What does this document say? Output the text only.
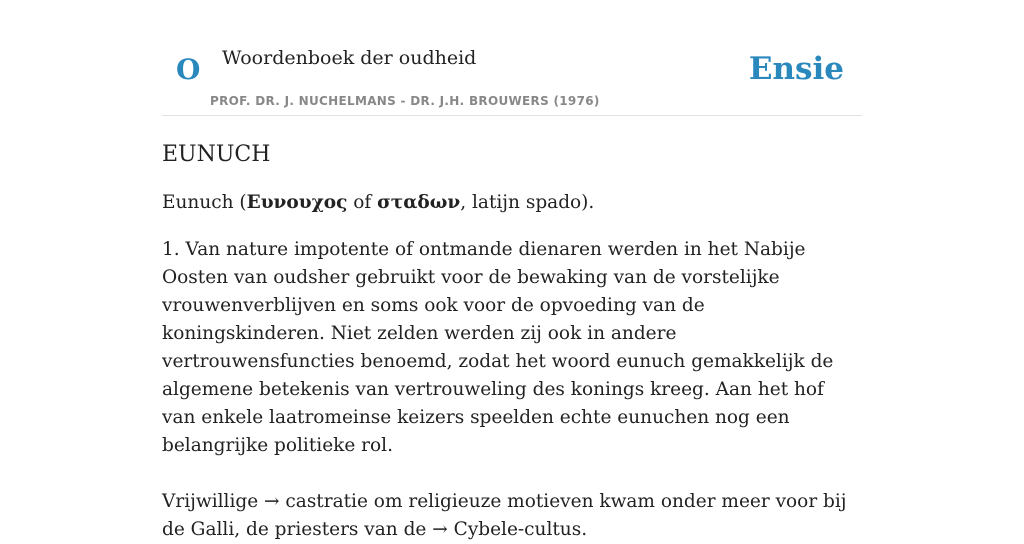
O Woordenboek der oudheid	Ensie
PROF. DR. J. NUCHELMANS - DR. J.H. BROUWERS (1976)
EUNUCH

Eunuch (Ευνουχος of σταδων, latijn spado).

1. Van nature impotente of ontmande dienaren werden in het Nabije Oosten van oudsher gebruikt voor de bewaking van de vorstelijke vrouwenverblijven en soms ook voor de opvoeding van de koningskinderen. Niet zelden werden zij ook in andere vertrouwensfuncties benoemd, zodat het woord eunuch gemakkelijk de algemene betekenis van vertrouweling des konings kreeg. Aan het hof van enkele laatromeinse keizers speelden echte eunuchen nog een belangrijke politieke rol.

Vrijwillige → castratie om religieuze motieven kwam onder meer voor bij de Galli, de priesters van de → Cybele-cultus.
